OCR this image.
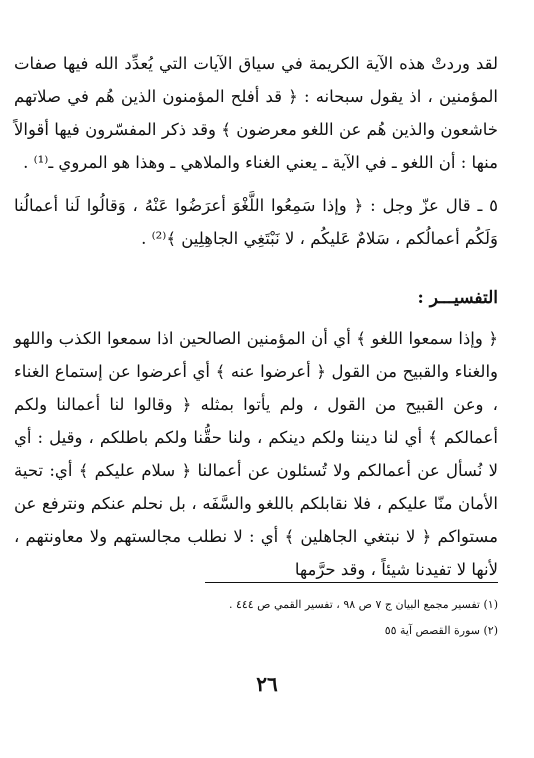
لقد وردتْ هذه الآية الكريمة في سياق الآيات التي يُعدِّد الله فيها صفات المؤمنين ، اذ يقول سبحانه : ﴿ قد أفلح المؤمنون الذين هُم في صلاتهم خاشعون والذين هُم عن اللغو معرضون ﴾ وقد ذكر المفسّرون فيها أقوالاً منها : أن اللغو ـ في الآية ـ يعني الغناء والملاهي ـ وهذا هو المروي ـ⁽¹⁾ .

٥ ـ قال عزّ وجل : ﴿ وإذا سَمِعُوا اللَّغْوَ أعرَضُوا عَنْهُ ، وَقالُوا لَنا أعمالُنا وَلَكُم أعمالُكم ، سَلامٌ عَليكُم ، لا نَبْتَغِي الجاهِلِين ﴾⁽²⁾ .

التفسيـــر :

﴿ وإذا سمعوا اللغو ﴾ أي أن المؤمنين الصالحين اذا سمعوا الكذب واللهو والغناء والقبيح من القول ﴿ أعرضوا عنه ﴾ أي أعرضوا عن إستماع الغناء ، وعن القبيح من القول ، ولم يأتوا بمثله ﴿ وقالوا لنا أعمالنا ولكم أعمالكم ﴾ أي لنا ديننا ولكم دينكم ، ولنا حقُّنا ولكم باطلكم ، وقيل : أي لا نُسأل عن أعمالكم ولا تُسئلون عن أعمالنا ﴿ سلام عليكم ﴾ أي: تحية الأمان منّا عليكم ، فلا نقابلكم باللغو والسَّفَه ، بل نحلم عنكم ونترفع عن مستواكم ﴿ لا نبتغي الجاهلين ﴾ أي : لا نطلب مجالستهم ولا معاونتهم ، لأنها لا تفيدنا شيئاً ، وقد حرَّمها

(١) تفسير مجمع البيان ج ٧ ص ٩٨ ، تفسير القمي ص ٤٤٤ .
(٢) سورة القصص آية ٥٥
٢٦
